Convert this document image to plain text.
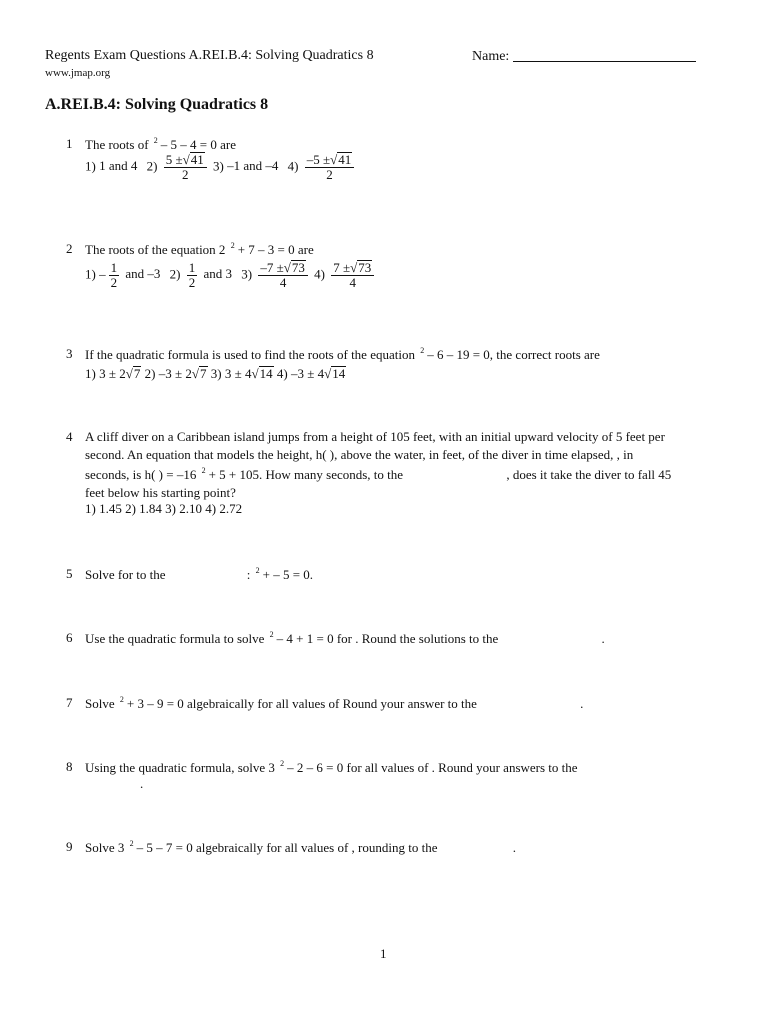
Regents Exam Questions A.REI.B.4: Solving Quadratics 8	Name:
www.jmap.org
A.REI.B.4: Solving Quadratics 8
1 The roots of $^2$ – 5 – 4 = 0 are
1) 1 and 4 $2) \frac{5 \pm√41}{2} 3$) –1 and –4 $4) \frac{-5 \pm√41}{2}$
2 The roots of the equation 2 $^2$ + 7 – 3 = 0 are
$1) - \frac{1}{2}$ and –3 $2) \frac{1}{2}$ and 3 $3) \frac{-7 \pm√73}{4} 4) \frac{7 \pm√73}{4}$
3 If the quadratic formula is used to find the roots of the equation $^2$ – 6 – 19 = 0, the correct roots are
1) 3 ± 2√7 2) –3 ± 2√7 3) 3 ± 4√14 4) –3 ± 4√14
4 A cliff diver on a Caribbean island jumps from a height of 105 feet, with an initial upward velocity of 5 feet per
second. An equation that models the height, h( ), above the water, in feet, of the diver in time elapsed, , in
seconds, is h( ) = –16 $^2$ + 5 + 105. How many seconds, to the	, does it take the diver to fall 45
feet below his starting point?
1) 1.45 2) 1.84 3) 2.10 4) 2.72
5 Solve for to the	: $^2$ + – 5 = 0.
6 Use the quadratic formula to solve $^2$ – 4 + 1 = 0 for . Round the solutions to the	.
7 Solve $^2$ + 3 – 9 = 0 algebraically for all values of Round your answer to the	.
8 Using the quadratic formula, solve 3 $^2$ – 2 – 6 = 0 for all values of . Round your answers to the
.
9 Solve 3 $^2$ – 5 – 7 = 0 algebraically for all values of , rounding to the	.
1
